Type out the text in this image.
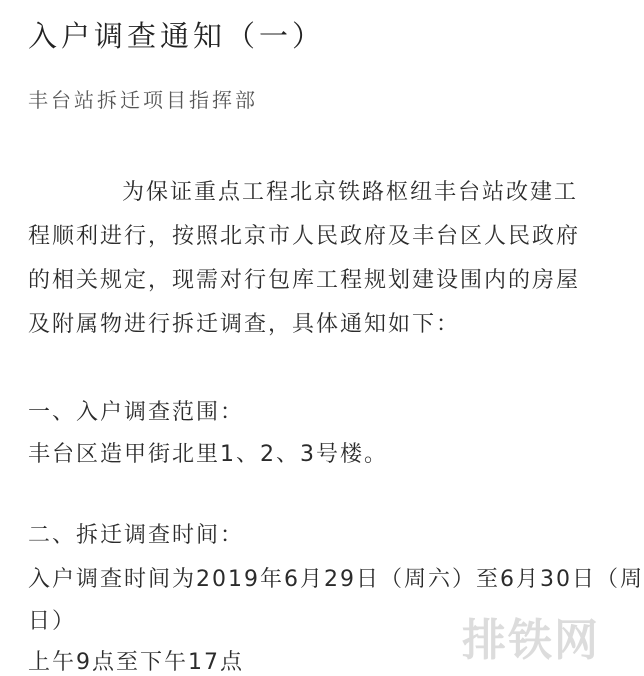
入户调查通知（一）
丰台站拆迁项目指挥部
为保证重点工程北京铁路枢纽丰台站改建工
程顺利进行，按照北京市人民政府及丰台区人民政府
的相关规定，现需对行包库工程规划建设围内的房屋
及附属物进行拆迁调查，具体通知如下：
一、入户调查范围：
丰台区造甲街北里1、2、3号楼。
二、拆迁调查时间：
入户调查时间为2019年6月29日（周六）至6月30日（周
日）
上午9点至下午17点	排铁网
